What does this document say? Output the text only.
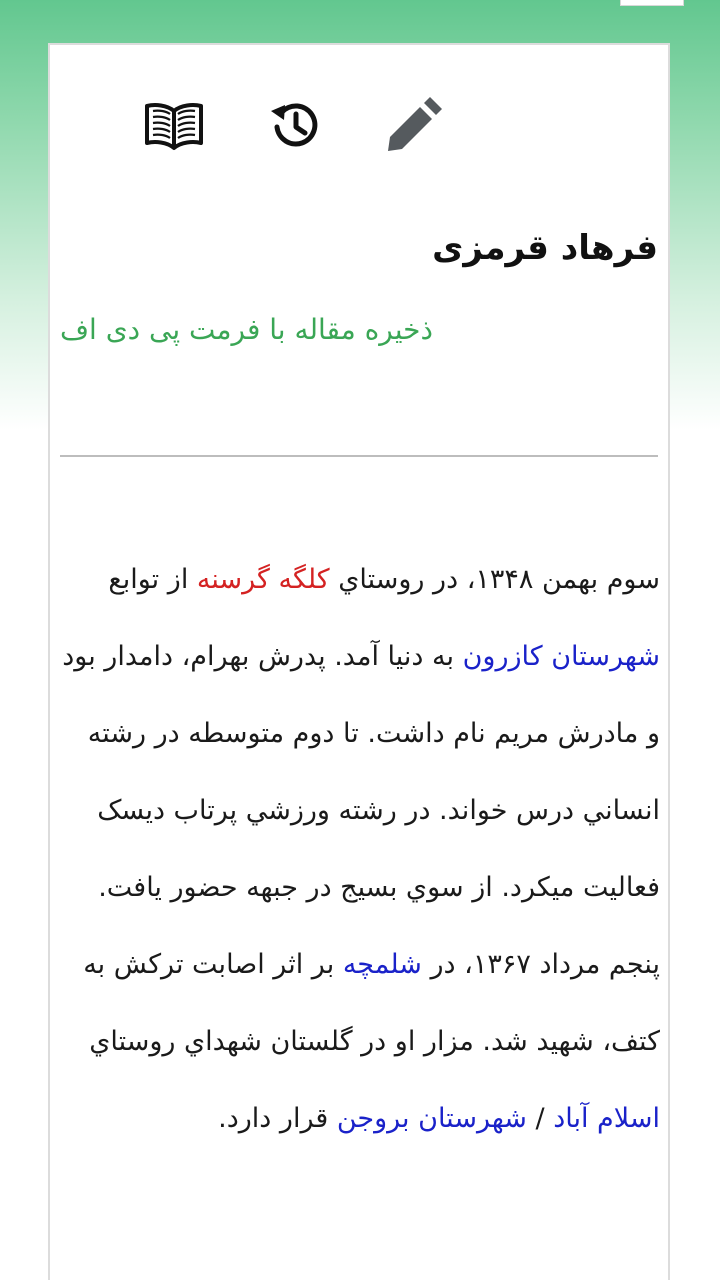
فرهاد قرمزی
ذخیره مقاله با فرمت پی دی اف

سوم بهمن ۱۳۴۸، در روستاي کلگه گرسنه از توابع شهرستان کازرون به دنيا آمد. پدرش بهرام، دامدار بود و مادرش مريم نام داشت. تا دوم متوسطه در رشته انساني درس خواند. در رشته ورزشي پرتاب ديسک فعاليت ميکرد. از سوي بسيج در جبهه حضور يافت. پنجم مرداد ۱۳۶۷، در شلمچه بر اثر اصابت ترکش به کتف، شهيد شد. مزار او در گلستان شهداي روستاي اسلام آباد / شهرستان بروجن قرار دارد.
